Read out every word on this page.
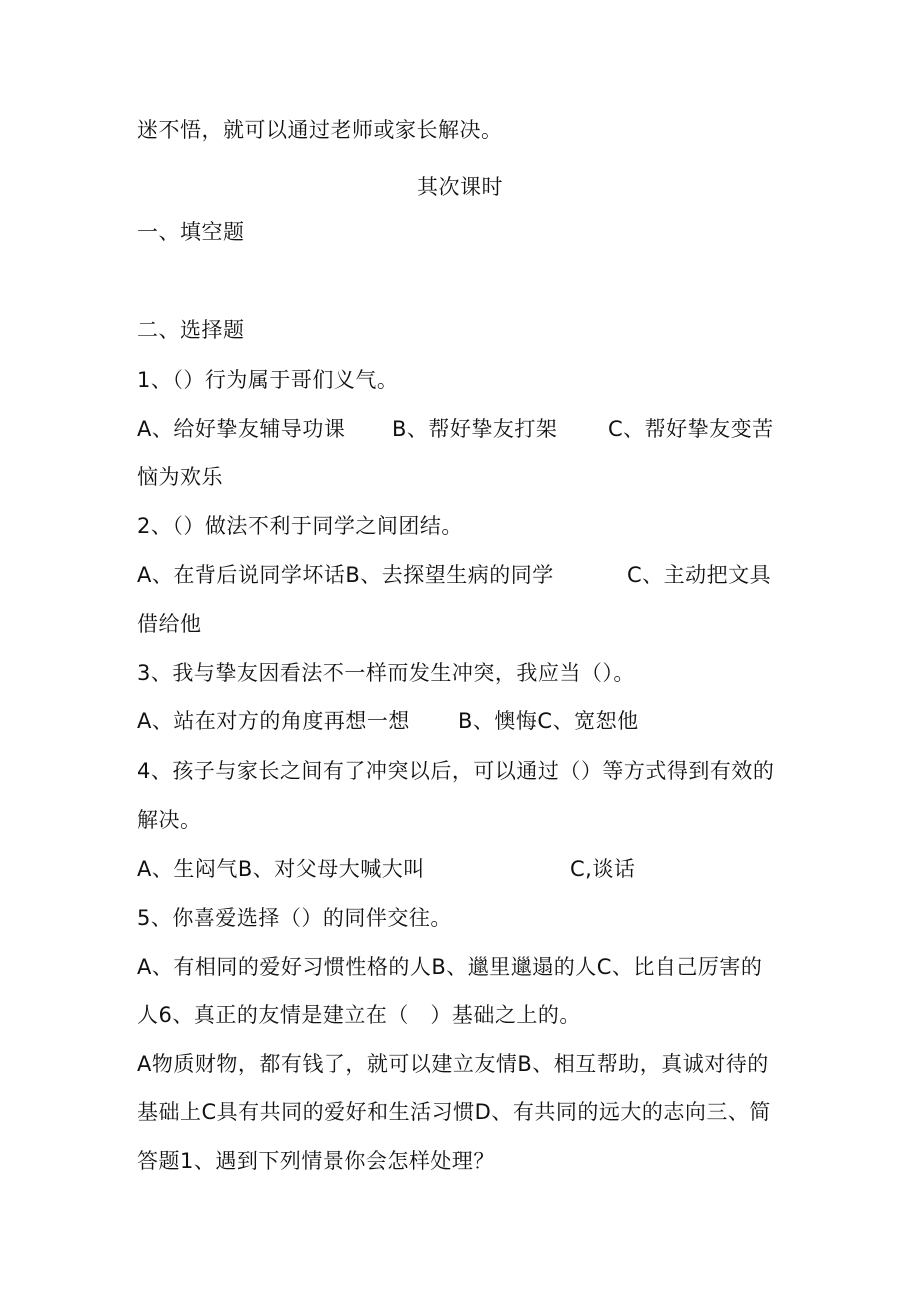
迷不悟，就可以通过老师或家长解决。
其次课时
一、填空题
二、选择题
1、（）行为属于哥们义气。
A、给好挚友辅导功课 B、帮好挚友打架 C、帮好挚友变苦
恼为欢乐
2、（）做法不利于同学之间团结。
A、在背后说同学坏话B、去探望生病的同学	C、主动把文具
借给他
3、我与挚友因看法不一样而发生冲突，我应当（）。
A、站在对方的角度再想一想 B、懊悔C、宽恕他
4、孩子与家长之间有了冲突以后，可以通过（）等方式得到有效的
解决。
A、生闷气B、对父母大喊大叫	C,谈话
5、你喜爱选择（）的同伴交往。
A、有相同的爱好习惯性格的人B、邋里邋遢的人C、比自己厉害的
人6、真正的友情是建立在（　）基础之上的。
A物质财物，都有钱了，就可以建立友情B、相互帮助，真诚对待的
基础上C具有共同的爱好和生活习惯D、有共同的远大的志向三、简
答题1、遇到下列情景你会怎样处理？
